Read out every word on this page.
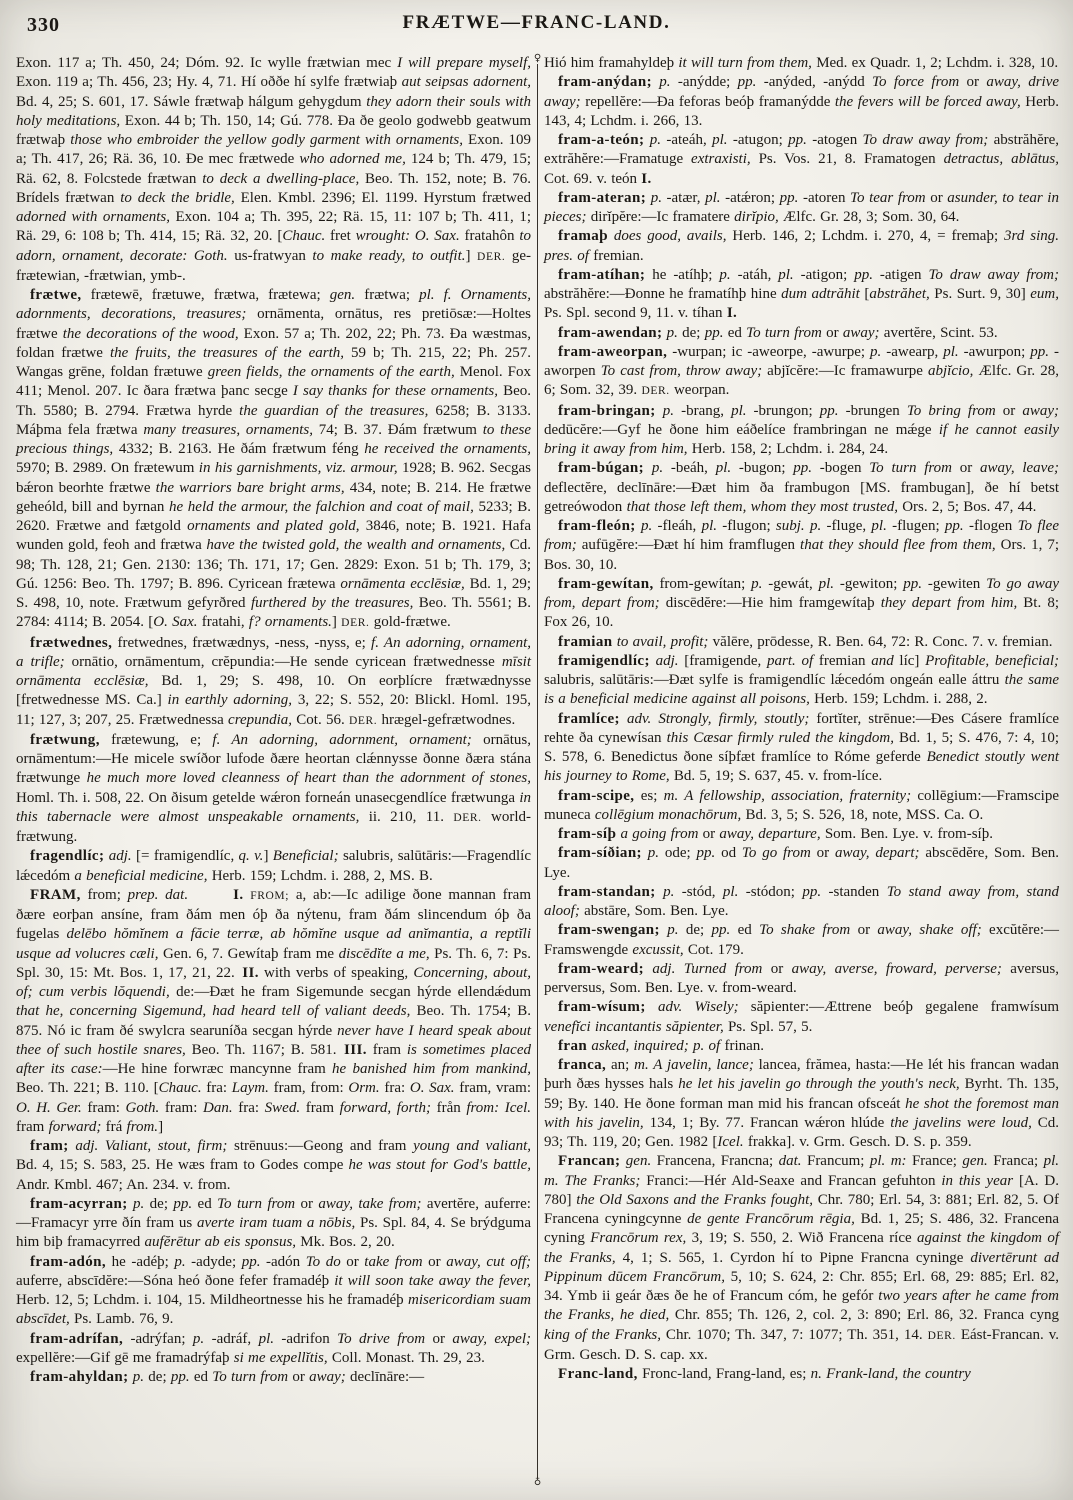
330	FRÆTWE—FRANC-LAND.

Exon. 117 a; Th. 450, 24; Dóm. 92. Ic wylle frætwian mec I will prepare myself, Exon. 119 a; Th. 456, 23; Hy. 4, 71. Hí oððe hí sylfe frætwiaþ aut seipsas adornent, Bd. 4, 25; S. 601, 17. Sáwle frætwaþ hálgum gehygdum they adorn their souls with holy meditations, Exon. 44 b; Th. 150, 14; Gú. 778. Ða ðe geolo godwebb geatwum frætwaþ those who embroider the yellow godly garment with ornaments, Exon. 109 a; Th. 417, 26; Rä. 36, 10. Ðe mec frætwede who adorned me, 124 b; Th. 479, 15; Rä. 62, 8. Folcstede frætwan to deck a dwelling-place, Beo. Th. 152, note; B. 76. Brídels frætwan to deck the bridle, Elen. Kmbl. 2396; El. 1199. Hyrstum frætwed adorned with ornaments, Exon. 104 a; Th. 395, 22; Rä. 15, 11: 107 b; Th. 411, 1; Rä. 29, 6: 108 b; Th. 414, 15; Rä. 32, 20. [Chauc. fret wrought: O. Sax. fratahôn to adorn, ornament, decorate: Goth. us-fratwyan to make ready, to outfit.] DER. ge-frætewian, -frætwian, ymb-.

frætwe, frætewē, frætuwe, frætwa, frætewa; gen. frætwa; pl. f. Ornaments, adornments, decorations, treasures; ornāmenta, ornātus, res pretiōsæ:—Holtes frætwe the decorations of the wood, Exon. 57 a; Th. 202, 22; Ph. 73. Ða wæstmas, foldan frætwe the fruits, the treasures of the earth, 59 b; Th. 215, 22; Ph. 257. Wangas grēne, foldan frætuwe green fields, the ornaments of the earth, Menol. Fox 411; Menol. 207. Ic ðara frætwa þanc secge I say thanks for these ornaments, Beo. Th. 5580; B. 2794. Frætwa hyrde the guardian of the treasures, 6258; B. 3133. Máþma fela frætwa many treasures, ornaments, 74; B. 37. Ðám frætwum to these precious things, 4332; B. 2163. He ðám frætwum féng he received the ornaments, 5970; B. 2989. On frætewum in his garnishments, viz. armour, 1928; B. 962. Secgas bǽron beorhte frætwe the warriors bare bright arms, 434, note; B. 214. He frætwe geheóld, bill and byrnan he held the armour, the falchion and coat of mail, 5233; B. 2620. Frætwe and fætgold ornaments and plated gold, 3846, note; B. 1921. Hafa wunden gold, feoh and frætwa have the twisted gold, the wealth and ornaments, Cd. 98; Th. 128, 21; Gen. 2130: 136; Th. 171, 17; Gen. 2829: Exon. 51 b; Th. 179, 3; Gú. 1256: Beo. Th. 1797; B. 896. Cyricean frætewa ornāmenta ecclēsiæ, Bd. 1, 29; S. 498, 10, note. Frætwum gefyrðred furthered by the treasures, Beo. Th. 5561; B. 2784: 4114; B. 2054. [O. Sax. fratahi, f? ornaments.] DER. gold-frætwe.

frætwednes, fretwednes, frætwædnys, -ness, -nyss, e; f. An adorning, ornament, a trifle; ornātio, ornāmentum, crĕpundia:—He sende cyricean frætwednesse mīsit ornāmenta ecclēsiæ, Bd. 1, 29; S. 498, 10. On eorþlícre frætwædnysse [fretwednesse MS. Ca.] in earthly adorning, 3, 22; S. 552, 20: Blickl. Homl. 195, 11; 127, 3; 207, 25. Frætwednessa crepundia, Cot. 56. DER. hrægel-gefrætwodnes.

frætwung, frætewung, e; f. An adorning, adornment, ornament; ornātus, ornāmentum:—He micele swíðor lufode ðære heortan clǽnnysse ðonne ðæra stána frætwunge he much more loved cleanness of heart than the adornment of stones, Homl. Th. i. 508, 22. On ðisum getelde wǽron forneán unasecgendlíce frætwunga in this tabernacle were almost unspeakable ornaments, ii. 210, 11. DER. world-frætwung.

fragendlíc; adj. [= framigendlíc, q. v.] Beneficial; salubris, salūtāris:—Fragendlíc lǽcedóm a beneficial medicine, Herb. 159; Lchdm. i. 288, 2, MS. B.

FRAM, from; prep. dat.   	I. FROM; a, ab:—Ic adilige ðone mannan fram ðære eorþan ansíne, fram ðám men óþ ða nýtenu, fram ðám slincendum óþ ða fugelas delēbo hŏmĭnem a făcie terræ, ab hŏmĭne usque ad anĭmantia, a reptĭli usque ad volucres cæli, Gen. 6, 7. Gewítaþ fram me discēdĭte a me, Ps. Th. 6, 7: Ps. Spl. 30, 15: Mt. Bos. 1, 17, 21, 22. II. with verbs of speaking, Concerning, about, of; cum verbis lŏquendi, de:—Ðæt he fram Sigemunde secgan hýrde ellendǽdum that he, concerning Sigemund, had heard tell of valiant deeds, Beo. Th. 1754; B. 875. Nó ic fram ðé swylcra searuníða secgan hýrde never have I heard speak about thee of such hostile snares, Beo. Th. 1167; B. 581. III. fram is sometimes placed after its case:—He hine forwræc mancynne fram he banished him from mankind, Beo. Th. 221; B. 110. [Chauc. fra: Laym. fram, from: Orm. fra: O. Sax. fram, vram: O. H. Ger. fram: Goth. fram: Dan. fra: Swed. fram forward, forth; från from: Icel. fram forward; frá from.]

fram; adj. Valiant, stout, firm; strēnuus:—Geong and fram young and valiant, Bd. 4, 15; S. 583, 25. He wæs fram to Godes compe he was stout for God's battle, Andr. Kmbl. 467; An. 234. v. from.

fram-acyrran; p. de; pp. ed To turn from or away, take from; avertĕre, auferre:—Framacyr yrre ðín fram us averte iram tuam a nōbis, Ps. Spl. 84, 4. Se brýdguma him biþ framacyrred aufĕrētur ab eis sponsus, Mk. Bos. 2, 20.

fram-adón, he -adéþ; p. -adyde; pp. -adón To do or take from or away, cut off; auferre, abscīdĕre:—Sóna heó ðone fefer framadéþ it will soon take away the fever, Herb. 12, 5; Lchdm. i. 104, 15. Mildheortnesse his he framadéþ misericordiam suam abscīdet, Ps. Lamb. 76, 9.

fram-adrífan, -adrýfan; p. -adráf, pl. -adrifon To drive from or away, expel; expellĕre:—Gif gē me framadrýfaþ si me expellĭtis, Coll. Monast. Th. 29, 23.

fram-ahyldan; p. de; pp. ed To turn from or away; declīnāre:—

♀
♁

Hió him framahyldeþ it will turn from them, Med. ex Quadr. 1, 2; Lchdm. i. 328, 10.

fram-anýdan; p. -anýdde; pp. -anýded, -anýdd To force from or away, drive away; repellĕre:—Ða feforas beóþ framanýdde the fevers will be forced away, Herb. 143, 4; Lchdm. i. 266, 13.

fram-a-teón; p. -ateáh, pl. -atugon; pp. -atogen To draw away from; abstrăhĕre, extrăhĕre:—Framatuge extraxisti, Ps. Vos. 21, 8. Framatogen detractus, ablātus, Cot. 69. v. teón I.

fram-ateran; p. -atær, pl. -atǽron; pp. -atoren To tear from or asunder, to tear in pieces; dirĭpĕre:—Ic framatere dirĭpio, Ælfc. Gr. 28, 3; Som. 30, 64.

framaþ does good, avails, Herb. 146, 2; Lchdm. i. 270, 4, = fremaþ; 3rd sing. pres. of fremian.

fram-atíhan; he -atíhþ; p. -atáh, pl. -atigon; pp. -atigen To draw away from; abstrăhĕre:—Ðonne he framatíhþ hine dum adtrăhit [abstrăhet, Ps. Surt. 9, 30] eum, Ps. Spl. second 9, 11. v. tíhan I.

fram-awendan; p. de; pp. ed To turn from or away; avertĕre, Scint. 53.

fram-aweorpan, -wurpan; ic -aweorpe, -awurpe; p. -awearp, pl. -awurpon; pp. -aworpen To cast from, throw away; abjĭcĕre:—Ic framawurpe abjĭcio, Ælfc. Gr. 28, 6; Som. 32, 39. DER. weorpan.

fram-bringan; p. -brang, pl. -brungon; pp. -brungen To bring from or away; dedūcĕre:—Gyf he ðone him eáðelíce frambringan ne mǽge if he cannot easily bring it away from him, Herb. 158, 2; Lchdm. i. 284, 24.

fram-búgan; p. -beáh, pl. -bugon; pp. -bogen To turn from or away, leave; deflectĕre, declīnāre:—Ðæt him ða frambugon [MS. frambugan], ðe hí betst getreówodon that those left them, whom they most trusted, Ors. 2, 5; Bos. 47, 44.

fram-fleón; p. -fleáh, pl. -flugon; subj. p. -fluge, pl. -flugen; pp. -flogen To flee from; aufūgĕre:—Ðæt hí him framflugen that they should flee from them, Ors. 1, 7; Bos. 30, 10.

fram-gewítan, from-gewítan; p. -gewát, pl. -gewiton; pp. -gewiten To go away from, depart from; discēdĕre:—Hie him framgewítaþ they depart from him, Bt. 8; Fox 26, 10.

framian to avail, profit; vălēre, prōdesse, R. Ben. 64, 72: R. Conc. 7. v. fremian.

framigendlíc; adj. [framigende, part. of fremian and líc] Profitable, beneficial; salubris, salūtāris:—Ðæt sylfe is framigendlíc lǽcedóm ongeán ealle áttru the same is a beneficial medicine against all poisons, Herb. 159; Lchdm. i. 288, 2.

framlíce; adv. Strongly, firmly, stoutly; fortĭter, strēnue:—Ðes Cásere framlíce rehte ða cynewísan this Cæsar firmly ruled the kingdom, Bd. 1, 5; S. 476, 7: 4, 10; S. 578, 6. Benedictus ðone síþfæt framlíce to Róme geferde Benedict stoutly went his journey to Rome, Bd. 5, 19; S. 637, 45. v. from-líce.

fram-scipe, es; m. A fellowship, association, fraternity; collēgium:—Framscipe muneca collēgium monachōrum, Bd. 3, 5; S. 526, 18, note, MSS. Ca. O.

fram-síþ a going from or away, departure, Som. Ben. Lye. v. from-síþ.

fram-síðian; p. ode; pp. od To go from or away, depart; abscēdĕre, Som. Ben. Lye.

fram-standan; p. -stód, pl. -stódon; pp. -standen To stand away from, stand aloof; abstāre, Som. Ben. Lye.

fram-swengan; p. de; pp. ed To shake from or away, shake off; excŭtĕre:—Framswengde excussit, Cot. 179.

fram-weard; adj. Turned from or away, averse, froward, perverse; aversus, perversus, Som. Ben. Lye. v. from-weard.

fram-wísum; adv. Wisely; săpienter:—Ættrene beóþ gegalene framwísum venefĭci incantantis săpienter, Ps. Spl. 57, 5.

fran asked, inquired; p. of frinan.

franca, an; m. A javelin, lance; lancea, frămea, hasta:—He lét his francan wadan þurh ðæs hysses hals he let his javelin go through the youth's neck, Byrht. Th. 135, 59; By. 140. He ðone forman man mid his francan ofsceát he shot the foremost man with his javelin, 134, 1; By. 77. Francan wǽron hlúde the javelins were loud, Cd. 93; Th. 119, 20; Gen. 1982 [Icel. frakka]. v. Grm. Gesch. D. S. p. 359.

Francan; gen. Francena, Francna; dat. Francum; pl. m: France; gen. Franca; pl. m. The Franks; Franci:—Hér Ald-Seaxe and Francan gefuhton in this year [A. D. 780] the Old Saxons and the Franks fought, Chr. 780; Erl. 54, 3: 881; Erl. 82, 5. Of Francena cyningcynne de gente Francōrum rēgia, Bd. 1, 25; S. 486, 32. Francena cyning Francōrum rex, 3, 19; S. 550, 2. Wið Francena ríce against the kingdom of the Franks, 4, 1; S. 565, 1. Cyrdon hí to Pipne Francna cyninge divertērunt ad Pippinum dūcem Francōrum, 5, 10; S. 624, 2: Chr. 855; Erl. 68, 29: 885; Erl. 82, 34. Ymb ii geár ðæs ðe he of Francum cóm, he gefór two years after he came from the Franks, he died, Chr. 855; Th. 126, 2, col. 2, 3: 890; Erl. 86, 32. Franca cyng king of the Franks, Chr. 1070; Th. 347, 7: 1077; Th. 351, 14. DER. Eást-Francan. v. Grm. Gesch. D. S. cap. xx.

Franc-land, Fronc-land, Frang-land, es; n. Frank-land, the country
